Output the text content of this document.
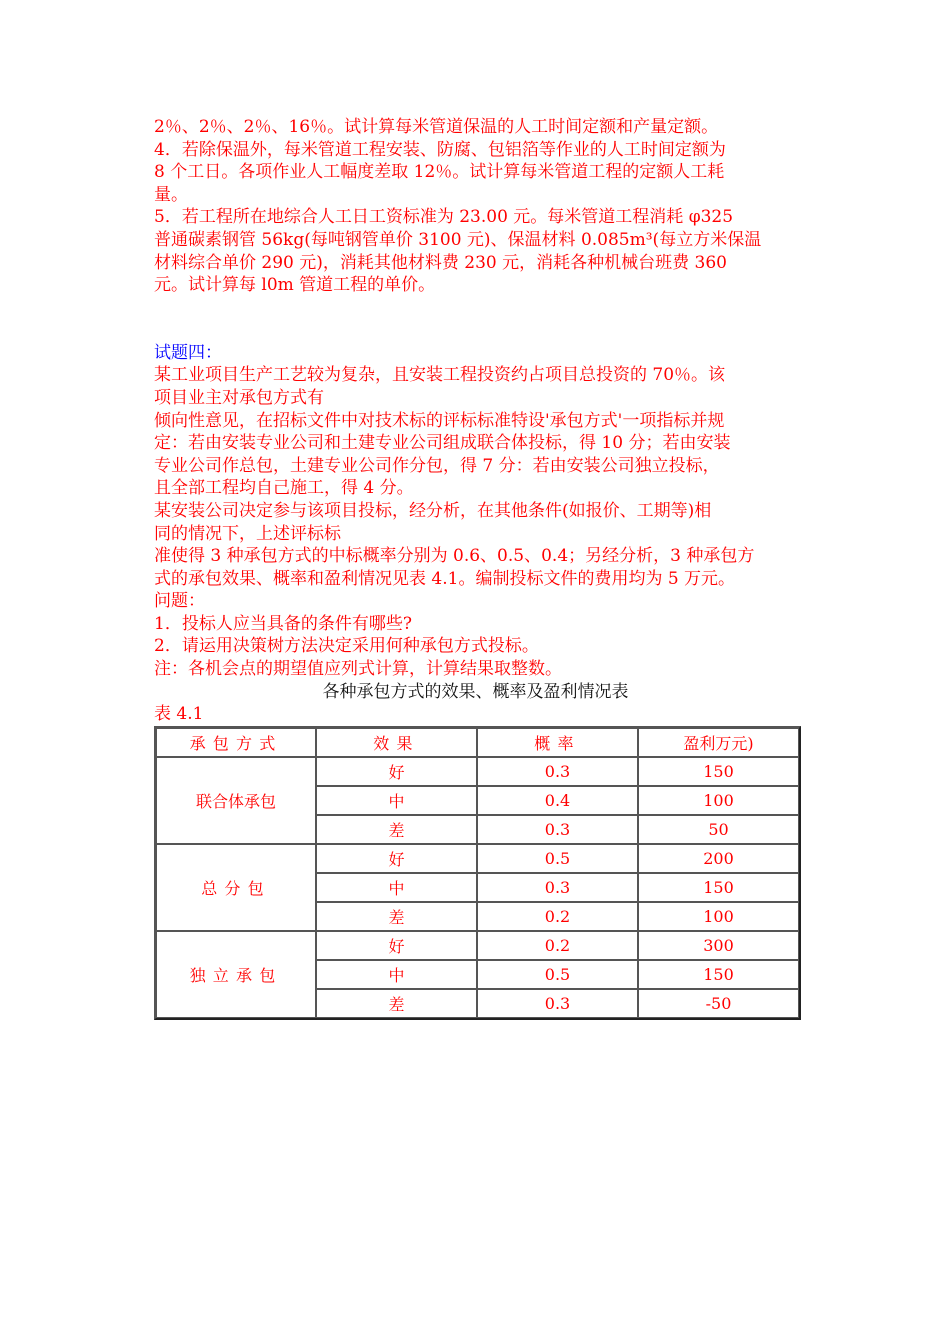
2％、2％、2％、16％。试计算每米管道保温的人工时间定额和产量定额。
4．若除保温外，每米管道工程安装、防腐、包铝箔等作业的人工时间定额为
8 个工日。各项作业人工幅度差取 12％。试计算每米管道工程的定额人工耗
量。
5．若工程所在地综合人工日工资标准为 23.00 元。每米管道工程消耗 φ325
普通碳素钢管 56kg(每吨钢管单价 3100 元)、保温材料 0.085m³(每立方米保温
材料综合单价 290 元)，消耗其他材料费 230 元，消耗各种机械台班费 360
元。试计算每 l0m 管道工程的单价。
试题四：
某工业项目生产工艺较为复杂，且安装工程投资约占项目总投资的 70％。该
项目业主对承包方式有
倾向性意见，在招标文件中对技术标的评标标准特设'承包方式'一项指标并规
定：若由安装专业公司和土建专业公司组成联合体投标，得 10 分；若由安装
专业公司作总包，土建专业公司作分包，得 7 分：若由安装公司独立投标，
且全部工程均自己施工，得 4 分。
某安装公司决定参与该项目投标，经分析，在其他条件(如报价、工期等)相
同的情况下，上述评标标
准使得 3 种承包方式的中标概率分别为 0.6、0.5、0.4；另经分析，3 种承包方
式的承包效果、概率和盈利情况见表 4.1。编制投标文件的费用均为 5 万元。
问题：
1．投标人应当具备的条件有哪些?
2．请运用决策树方法决定采用何种承包方式投标。
注：各机会点的期望值应列式计算，计算结果取整数。
各种承包方式的效果、概率及盈利情况表
表 4.1
承包方式	效果	概率	盈利万元)
联合体承包	好	0.3	150
	中	0.4	100
	差	0.3	50
总分包	好	0.5	200
	中	0.3	150
	差	0.2	100
独立承包	好	0.2	300
	中	0.5	150
	差	0.3	-50
